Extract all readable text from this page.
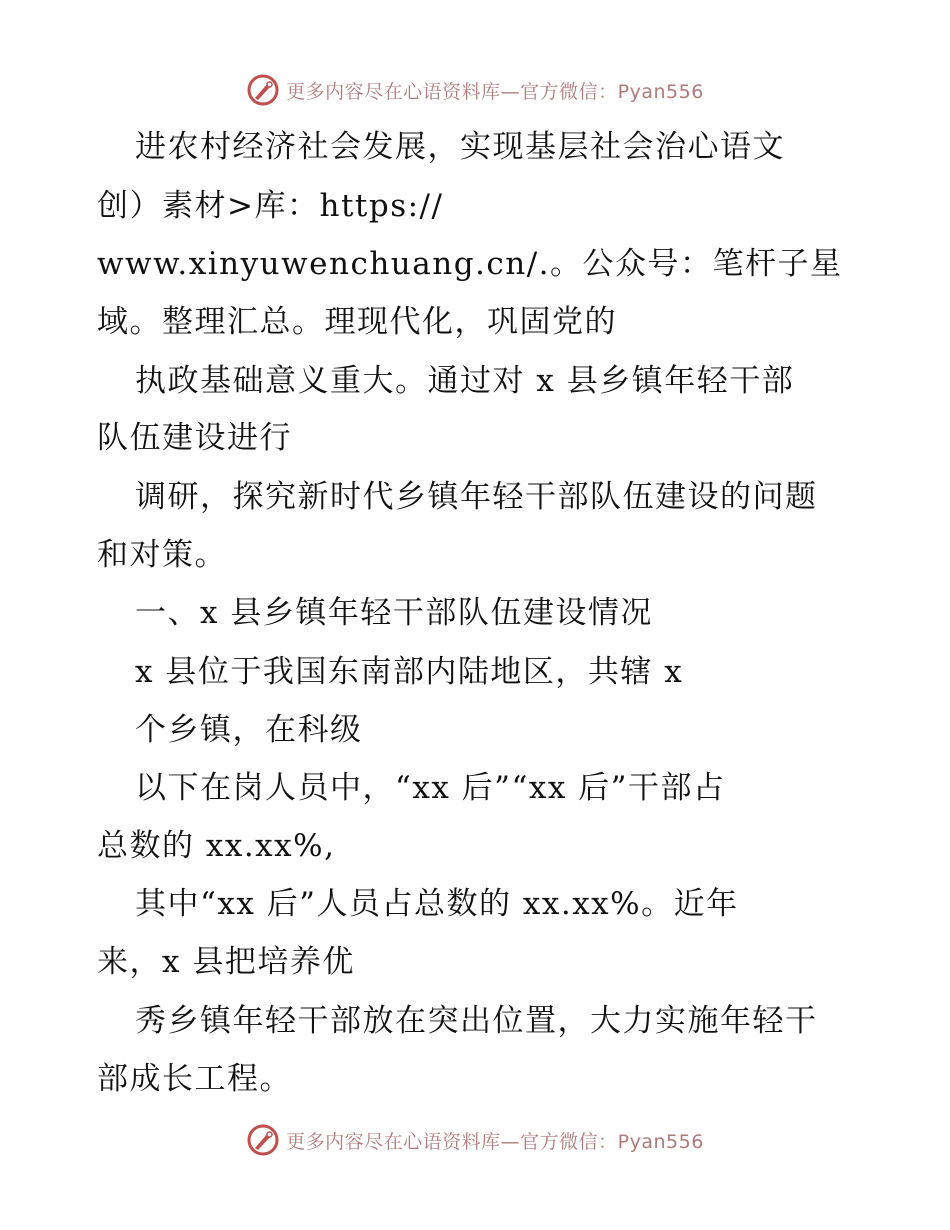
更多内容尽在心语资料库—官方微信：Pyan556
进农村经济社会发展，实现基层社会治心语文
创）素材>库：https://
www.xinyuwenchuang.cn/.。公众号：笔杆子星
域。整理汇总。理现代化，巩固党的
执政基础意义重大。通过对 x 县乡镇年轻干部
队伍建设进行
调研，探究新时代乡镇年轻干部队伍建设的问题
和对策。
一、x 县乡镇年轻干部队伍建设情况
x 县位于我国东南部内陆地区，共辖 x
个乡镇，在科级
以下在岗人员中，“xx 后”“xx 后”干部占
总数的 xx.xx%,
其中“xx 后”人员占总数的 xx.xx%。近年
来，x 县把培养优
秀乡镇年轻干部放在突出位置，大力实施年轻干
部成长工程。
更多内容尽在心语资料库—官方微信：Pyan556
